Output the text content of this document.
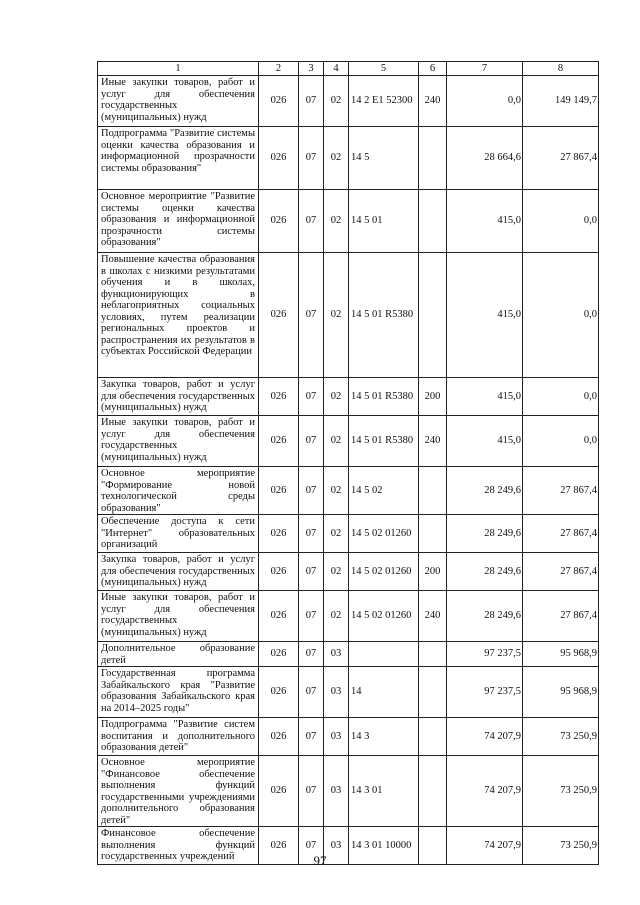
1	2	3	4	5	6	7	8
Иные закупки товаров, работ и услуг для обеспечения государственных (муниципальных) нужд	026	07	02	14 2 E1 52300	240	0,0	149 149,7
Подпрограмма "Развитие системы оценки качества образования и информационной прозрачности системы образования"	026	07	02	14 5		28 664,6	27 867,4
Основное мероприятие "Развитие системы оценки качества образования и информационной прозрачности системы образования"	026	07	02	14 5 01		415,0	0,0
Повышение качества образования в школах с низкими результатами обучения и в школах, функционирующих в неблагоприятных социальных условиях, путем реализации региональных проектов и распространения их результатов в субъектах Российской Федерации	026	07	02	14 5 01 R5380		415,0	0,0
Закупка товаров, работ и услуг для обеспечения государственных (муниципальных) нужд	026	07	02	14 5 01 R5380	200	415,0	0,0
Иные закупки товаров, работ и услуг для обеспечения государственных (муниципальных) нужд	026	07	02	14 5 01 R5380	240	415,0	0,0
Основное мероприятие "Формирование новой технологической среды образования"	026	07	02	14 5 02		28 249,6	27 867,4
Обеспечение доступа к сети "Интернет" образовательных организаций	026	07	02	14 5 02 01260		28 249,6	27 867,4
Закупка товаров, работ и услуг для обеспечения государственных (муниципальных) нужд	026	07	02	14 5 02 01260	200	28 249,6	27 867,4
Иные закупки товаров, работ и услуг для обеспечения государственных (муниципальных) нужд	026	07	02	14 5 02 01260	240	28 249,6	27 867,4
Дополнительное образование детей	026	07	03			97 237,5	95 968,9
Государственная программа Забайкальского края "Развитие образования Забайкальского края на 2014–2025 годы"	026	07	03	14		97 237,5	95 968,9
Подпрограмма "Развитие систем воспитания и дополнительного образования детей"	026	07	03	14 3		74 207,9	73 250,9
Основное мероприятие "Финансовое обеспечение выполнения функций государственными учреждениями дополнительного образования детей"	026	07	03	14 3 01		74 207,9	73 250,9
Финансовое обеспечение выполнения функций государственных учреждений	026	07	03	14 3 01 10000		74 207,9	73 250,9
97
